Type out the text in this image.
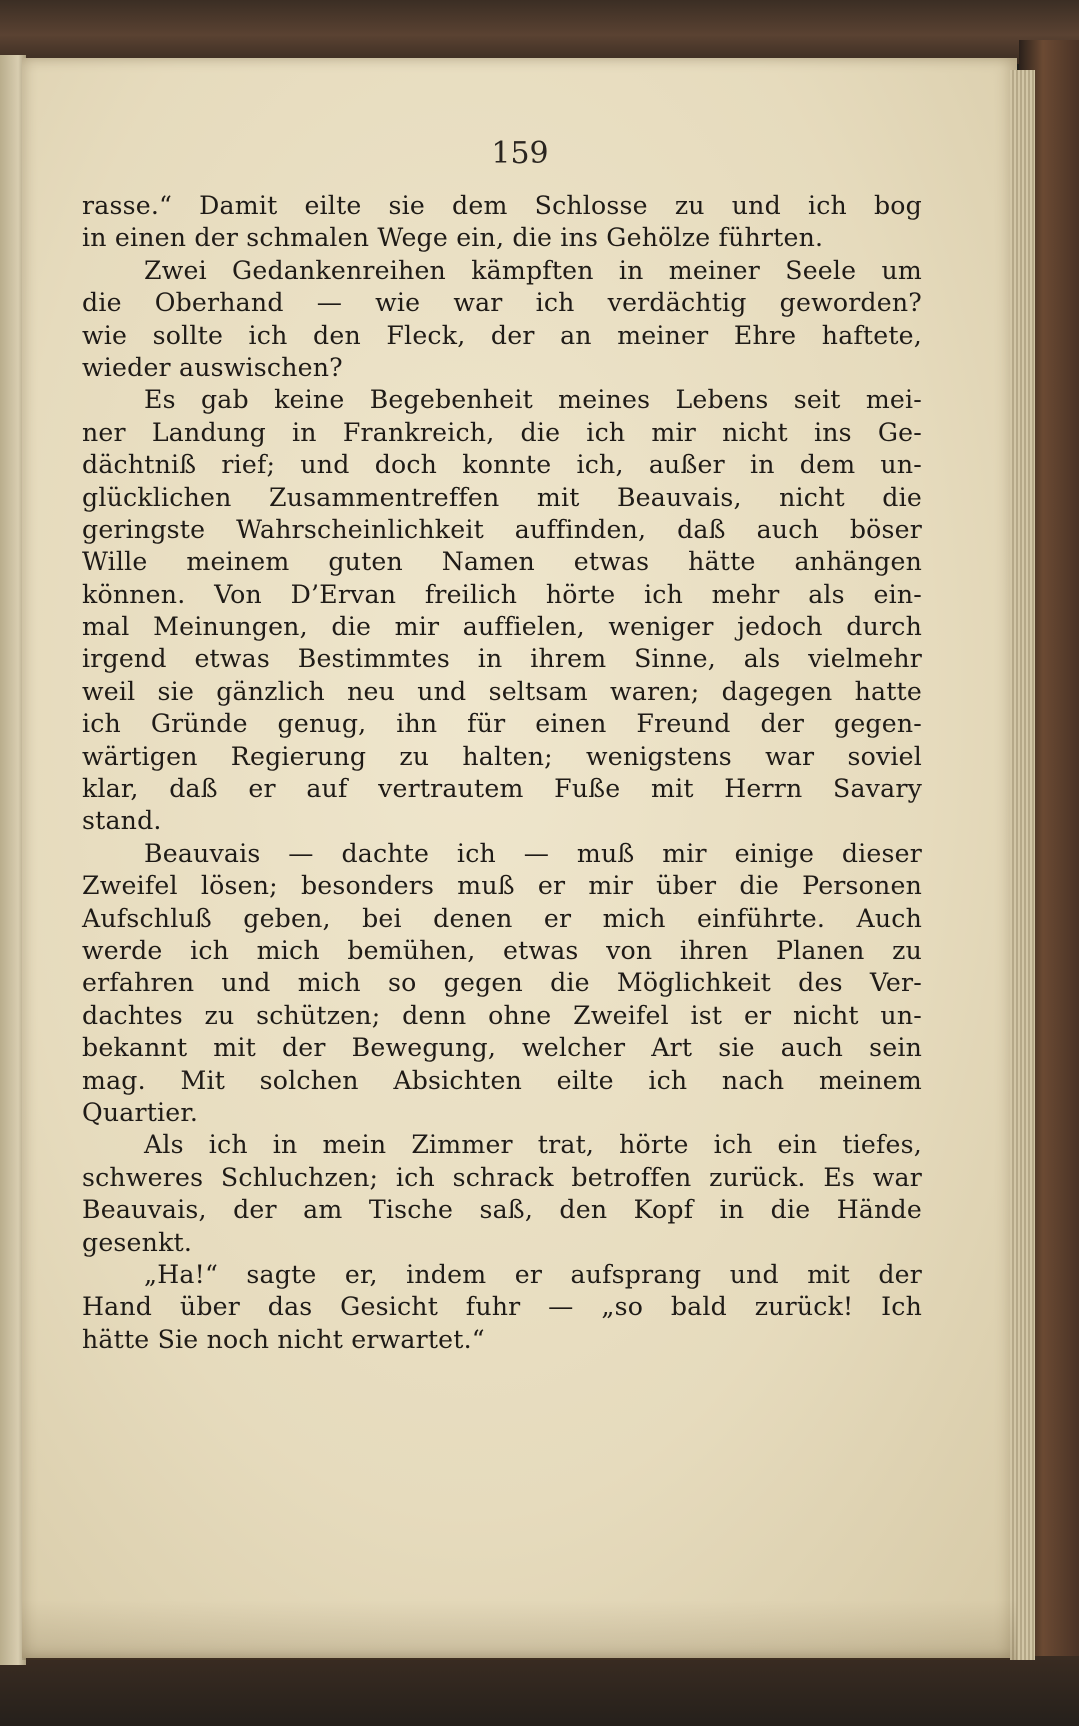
159
rasse.“ Damit eilte sie dem Schlosse zu und ich bog
in einen der schmalen Wege ein, die ins Gehölze führten.
Zwei Gedankenreihen kämpften in meiner Seele um
die Oberhand — wie war ich verdächtig geworden?
wie sollte ich den Fleck, der an meiner Ehre haftete,
wieder auswischen?
Es gab keine Begebenheit meines Lebens seit mei-
ner Landung in Frankreich, die ich mir nicht ins Ge-
dächtniß rief; und doch konnte ich, außer in dem un-
glücklichen Zusammentreffen mit Beauvais, nicht die
geringste Wahrscheinlichkeit auffinden, daß auch böser
Wille meinem guten Namen etwas hätte anhängen
können. Von D’Ervan freilich hörte ich mehr als ein-
mal Meinungen, die mir auffielen, weniger jedoch durch
irgend etwas Bestimmtes in ihrem Sinne, als vielmehr
weil sie gänzlich neu und seltsam waren; dagegen hatte
ich Gründe genug, ihn für einen Freund der gegen-
wärtigen Regierung zu halten; wenigstens war soviel
klar, daß er auf vertrautem Fuße mit Herrn Savary
stand.
Beauvais — dachte ich — muß mir einige dieser
Zweifel lösen; besonders muß er mir über die Personen
Aufschluß geben, bei denen er mich einführte. Auch
werde ich mich bemühen, etwas von ihren Planen zu
erfahren und mich so gegen die Möglichkeit des Ver-
dachtes zu schützen; denn ohne Zweifel ist er nicht un-
bekannt mit der Bewegung, welcher Art sie auch sein
mag. Mit solchen Absichten eilte ich nach meinem
Quartier.
Als ich in mein Zimmer trat, hörte ich ein tiefes,
schweres Schluchzen; ich schrack betroffen zurück. Es war
Beauvais, der am Tische saß, den Kopf in die Hände
gesenkt.
„Ha!“ sagte er, indem er aufsprang und mit der
Hand über das Gesicht fuhr — „so bald zurück! Ich
hätte Sie noch nicht erwartet.“
